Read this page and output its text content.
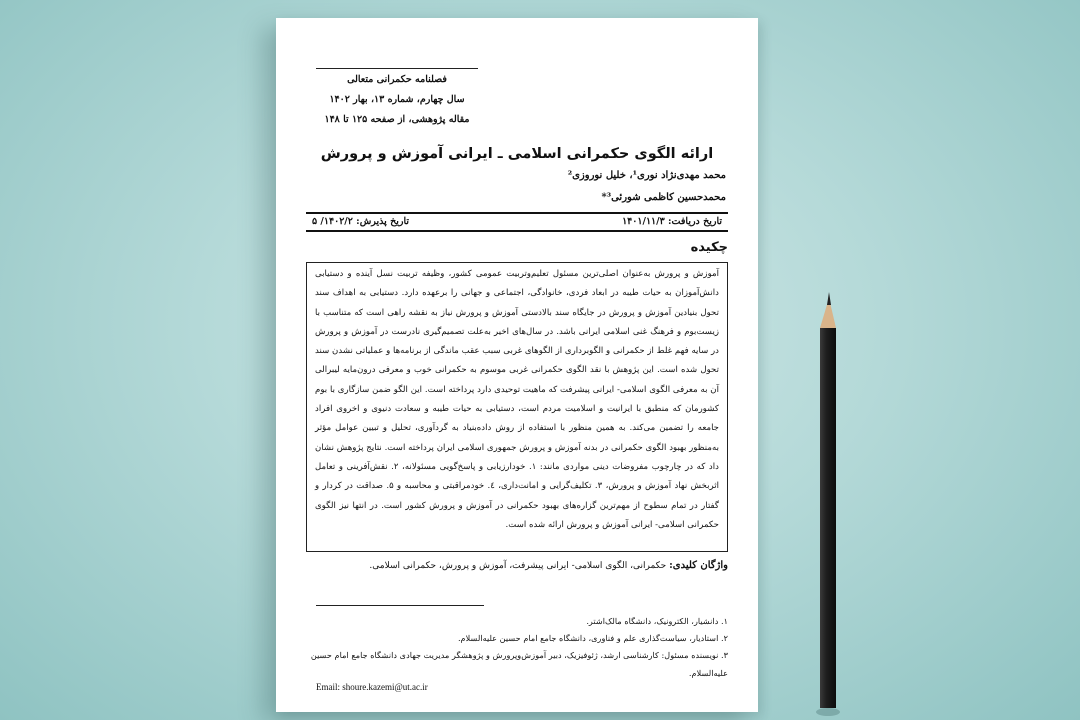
فصلنامه حکمرانی متعالی
سال چهارم، شماره ۱۳، بهار ۱۴۰۲
مقاله پژوهشی، از صفحه ۱۲۵ تا ۱۴۸
ارائه الگوی حکمرانی اسلامی ـ ایرانی آموزش و پرورش
محمد مهدی‌نژاد نوری¹، خلیل نوروزی²
محمدحسین کاظمی شورئی³*
تاریخ دریافت: ۱۴۰۱/۱۱/۳
تاریخ پذیرش: ۱۴۰۲/۲/ ۵
چکیده
آموزش و پرورش به‌عنوان اصلی‌ترین مسئول تعلیم‌وتربیت عمومی کشور، وظیفه تربیت نسل آینده و دستیابی دانش‌آموزان به حیات طیبه در ابعاد فردی، خانوادگی، اجتماعی و جهانی را برعهده دارد. دستیابی به اهداف سند تحول بنیادین آموزش و پرورش در جایگاه سند بالادستی آموزش و پرورش نیاز به نقشه راهی است که متناسب با زیست‌بوم و فرهنگ غنی اسلامی ایرانی باشد. در سال‌های اخیر به‌علت تصمیم‌گیری نادرست در آموزش و پرورش در سایه فهم غلط از حکمرانی و الگوبرداری از الگوهای غربی سبب عقب ماندگی از برنامه‌ها و عملیاتی نشدن سند تحول شده است. این پژوهش با نقد الگوی حکمرانی غربی موسوم به حکمرانی خوب و معرفی درون‌مایه لیبرالی آن به معرفی الگوی اسلامی- ایرانی پیشرفت که ماهیت توحیدی دارد پرداخته است. این الگو ضمن سازگاری با بوم کشورمان که منطبق با ایرانیت و اسلامیت مردم است، دستیابی به حیات طیبه و سعادت دنیوی و اخروی افراد جامعه را تضمین می‌کند. به همین منظور با استفاده از روش داده‌بنیاد به گردآوری، تحلیل و تبیین عوامل مؤثر به‌منظور بهبود الگوی حکمرانی در بدنه آموزش و پرورش جمهوری اسلامی ایران پرداخته است. نتایج پژوهش نشان داد که در چارچوب مفروضات دینی مواردی مانند: ۱. خودارزیابی و پاسخ‌گویی مسئولانه، ۲. نقش‌آفرینی و تعامل اثربخش نهاد آموزش و پرورش، ۳. تکلیف‌گرایی و امانت‌داری، ٤. خودمراقبتی و محاسبه و ۵. صداقت در کردار و گفتار در تمام سطوح از مهم‌ترین گزاره‌های بهبود حکمرانی در آموزش و پرورش کشور است. در انتها نیز الگوی حکمرانی اسلامی- ایرانی آموزش و پرورش ارائه شده است.
واژگان کلیدی: حکمرانی، الگوی اسلامی- ایرانی پیشرفت، آموزش و پرورش، حکمرانی اسلامی.
۱. دانشیار، الکترونیک، دانشگاه مالک‌اشتر.
۲. استادیار، سیاست‌گذاری علم و فناوری، دانشگاه جامع امام حسین علیه‌السلام.
۳. نویسنده مسئول: کارشناسی ارشد، ژئوفیزیک، دبیر آموزش‌وپرورش و پژوهشگر مدیریت جهادی دانشگاه جامع امام حسین علیه‌السلام.
Email: shoure.kazemi@ut.ac.ir
